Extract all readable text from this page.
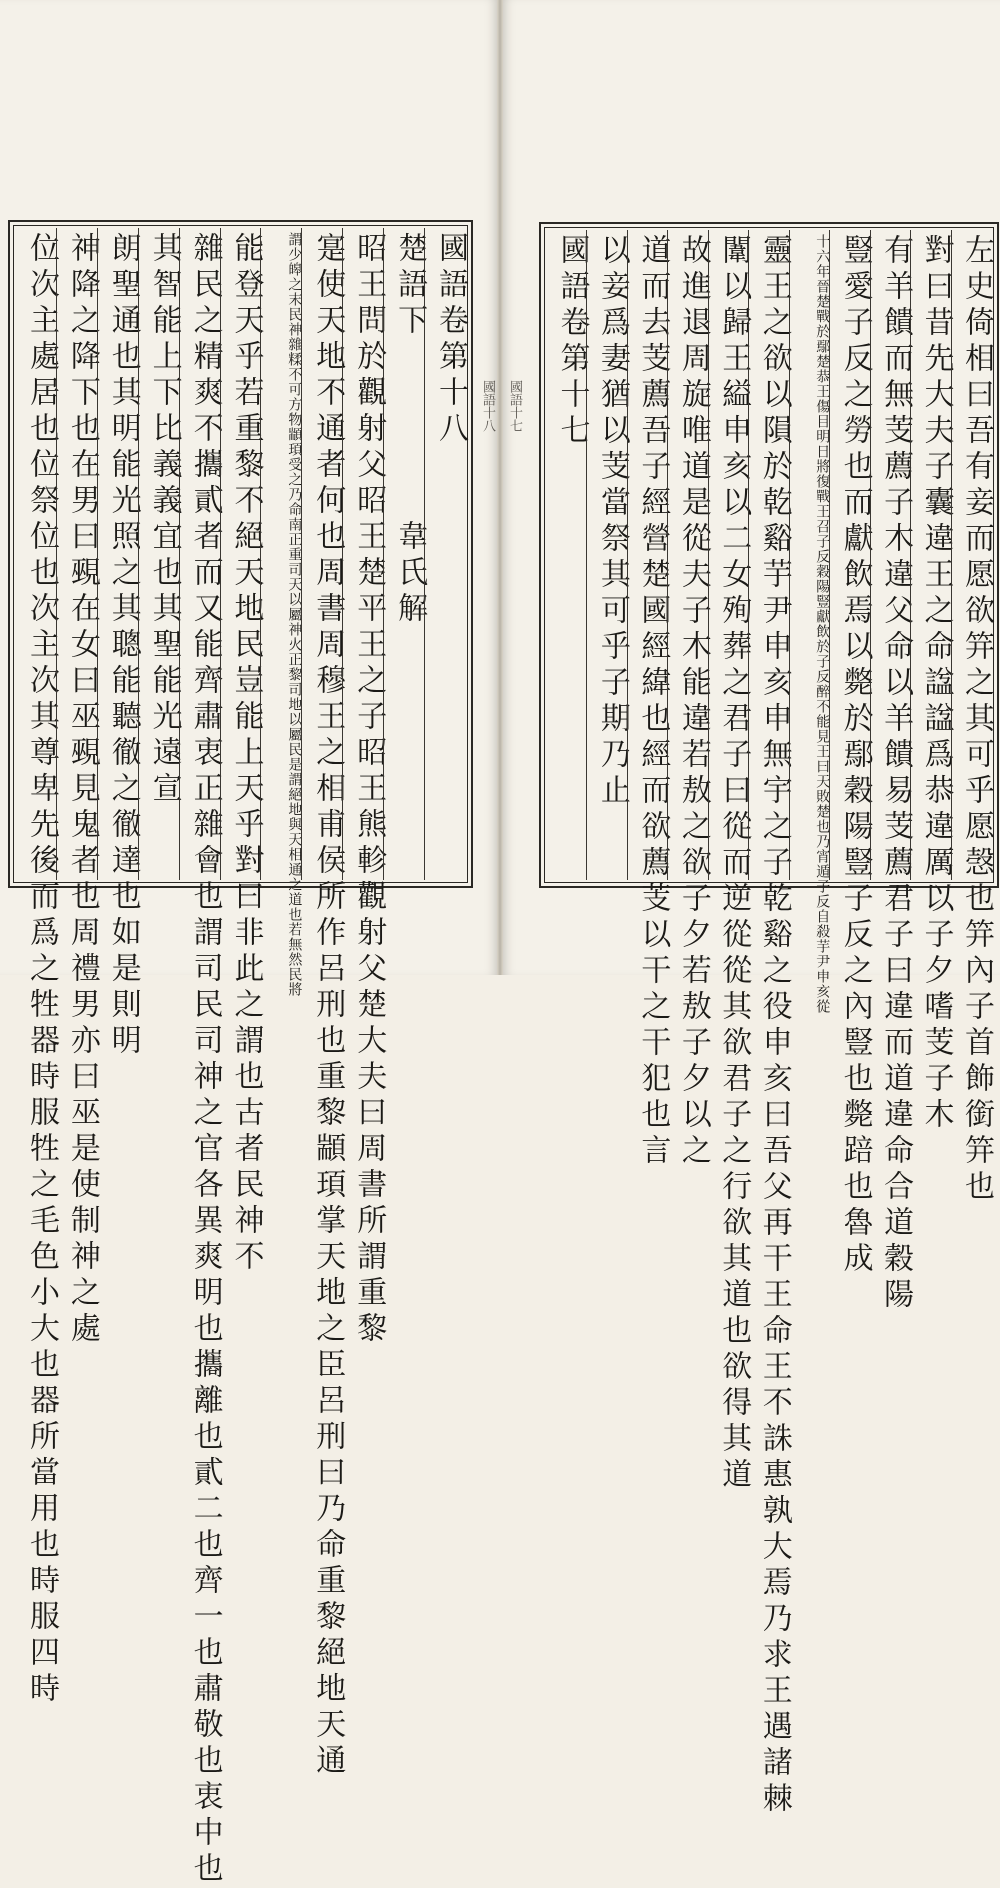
國語卷第十八
楚語下　　　　　韋氏解
昭王問於觀射父昭王楚平王之子昭王熊軫觀射父楚大夫曰周書所謂重黎
寔使天地不通者何也周書周穆王之相甫侯所作呂刑也重黎顓頊掌天地之臣呂刑曰乃命重黎絕地天通
謂少皞之末民神雜糅不可方物顓頊受之乃命南正重司天以屬神火正黎司地以屬民是謂絕地與天相通之道也若無然民將
能登天乎若重黎不絕天地民豈能上天乎對曰非此之謂也古者民神不
雜民之精爽不攜貳者而又能齊肅衷正雜會也謂司民司神之官各異爽明也攜離也貳二也齊一也肅敬也衷中也
其智能上下比義義宜也其聖能光遠宣
朗聖通也其明能光照之其聰能聽徹之徹達也如是則明
神降之降下也在男曰覡在女曰巫覡見鬼者也周禮男亦曰巫是使制神之處
位次主處居也位祭位也次主次其尊卑先後而爲之牲器時服牲之毛色小大也器所當用也時服四時	國語十八	左史倚相曰吾有妾而愿欲笄之其可乎愿愨也笄內子首飾銜笄也
對曰昔先大夫子囊違王之命諡諡爲恭違厲以子夕嗜芰子木
有羊饋而無芰薦子木違父命以羊饋易芰薦君子曰違而道違命合道穀陽
豎愛子反之勞也而獻飲焉以斃於鄢穀陽豎子反之內豎也斃踣也魯成
十六年晉楚戰於鄢楚恭王傷目明日將復戰王召子反穀陽豎獻飲於子反醉不能見王曰天敗楚也乃宵遁子反自殺芋尹申亥從
靈王之欲以隕於乾谿芋尹申亥申無宇之子乾谿之役申亥曰吾父再干王命王不誅惠孰大焉乃求王遇諸棘
闈以歸王縊申亥以二女殉葬之君子曰從而逆從從其欲君子之行欲其道也欲得其道
故進退周旋唯道是從夫子木能違若敖之欲子夕若敖子夕以之
道而去芰薦吾子經營楚國經緯也經而欲薦芰以干之干犯也言
以妾爲妻猶以芰當祭其可乎子期乃止
國語卷第十七
國語十七
